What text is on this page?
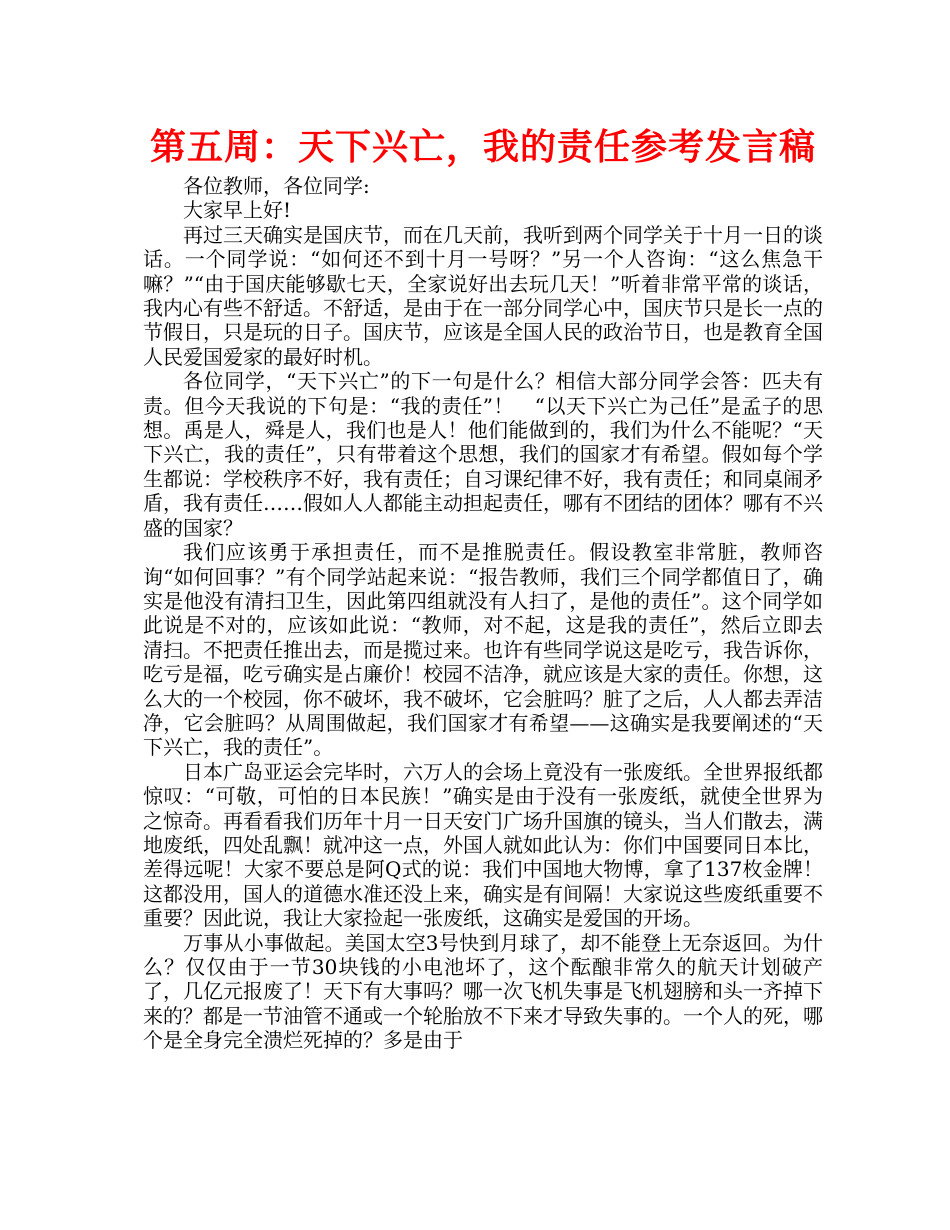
第五周：天下兴亡，我的责任参考发言稿

各位教师，各位同学:

大家早上好!

再过三天确实是国庆节，而在几天前，我听到两个同学关于十月一日的谈话。一个同学说：“如何还不到十月一号呀？”另一个人咨询：“这么焦急干嘛？”“由于国庆能够歇七天，全家说好出去玩几天！”听着非常平常的谈话，我内心有些不舒适。不舒适，是由于在一部分同学心中，国庆节只是长一点的节假日，只是玩的日子。国庆节，应该是全国人民的政治节日，也是教育全国人民爱国爱家的最好时机。

各位同学，“天下兴亡”的下一句是什么？相信大部分同学会答：匹夫有责。但今天我说的下句是：“我的责任”！　“以天下兴亡为己任”是孟子的思想。禹是人，舜是人，我们也是人！他们能做到的，我们为什么不能呢？“天下兴亡，我的责任”，只有带着这个思想，我们的国家才有希望。假如每个学生都说：学校秩序不好，我有责任；自习课纪律不好，我有责任；和同桌闹矛盾，我有责任……假如人人都能主动担起责任，哪有不团结的团体？哪有不兴盛的国家？

我们应该勇于承担责任，而不是推脱责任。假设教室非常脏，教师咨询“如何回事？”有个同学站起来说：“报告教师，我们三个同学都值日了，确实是他没有清扫卫生，因此第四组就没有人扫了，是他的责任”。这个同学如此说是不对的，应该如此说：“教师，对不起，这是我的责任”，然后立即去清扫。不把责任推出去，而是揽过来。也许有些同学说这是吃亏，我告诉你，吃亏是福，吃亏确实是占廉价！校园不洁净，就应该是大家的责任。你想，这么大的一个校园，你不破坏，我不破坏，它会脏吗？脏了之后，人人都去弄洁净，它会脏吗？从周围做起，我们国家才有希望——这确实是我要阐述的“天下兴亡，我的责任”。

日本广岛亚运会完毕时，六万人的会场上竟没有一张废纸。全世界报纸都惊叹：“可敬，可怕的日本民族！”确实是由于没有一张废纸，就使全世界为之惊奇。再看看我们历年十月一日天安门广场升国旗的镜头，当人们散去，满地废纸，四处乱飘！就冲这一点，外国人就如此认为：你们中国要同日本比，差得远呢！大家不要总是阿Q式的说：我们中国地大物博，拿了137枚金牌！这都没用，国人的道德水准还没上来，确实是有间隔！大家说这些废纸重要不重要？因此说，我让大家捡起一张废纸，这确实是爱国的开场。

万事从小事做起。美国太空3号快到月球了，却不能登上无奈返回。为什么？仅仅由于一节30块钱的小电池坏了，这个酝酿非常久的航天计划破产了，几亿元报废了！天下有大事吗？哪一次飞机失事是飞机翅膀和头一齐掉下来的？都是一节油管不通或一个轮胎放不下来才导致失事的。一个人的死，哪个是全身完全溃烂死掉的？多是由于
